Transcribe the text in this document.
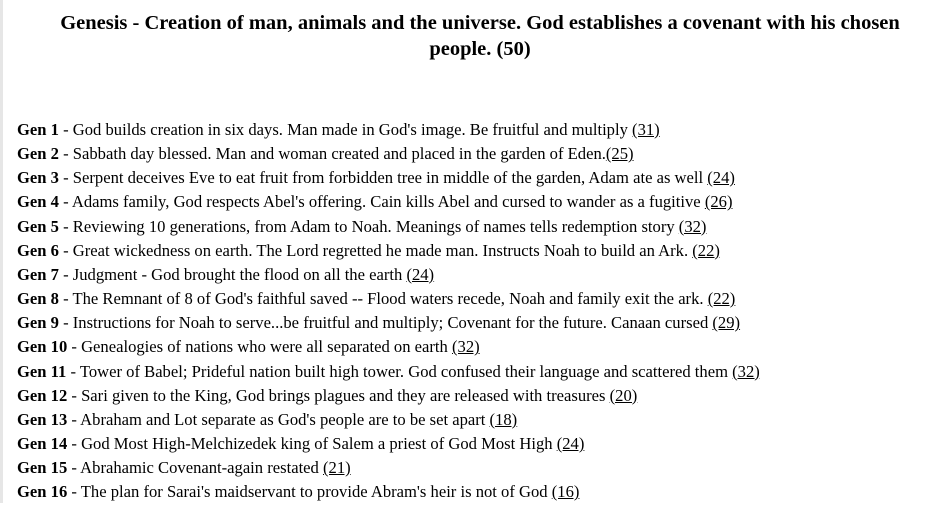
Genesis - Creation of man, animals and the universe. God establishes a covenant with his chosen people. (50)
Gen 1 - God builds creation in six days. Man made in God's image. Be fruitful and multiply (31)
Gen 2 - Sabbath day blessed. Man and woman created and placed in the garden of Eden.(25)
Gen 3 - Serpent deceives Eve to eat fruit from forbidden tree in middle of the garden, Adam ate as well (24)
Gen 4 - Adams family, God respects Abel's offering. Cain kills Abel and cursed to wander as a fugitive (26)
Gen 5 - Reviewing 10 generations, from Adam to Noah. Meanings of names tells redemption story (32)
Gen 6 - Great wickedness on earth. The Lord regretted he made man. Instructs Noah to build an Ark. (22)
Gen 7 - Judgment - God brought the flood on all the earth (24)
Gen 8 - The Remnant of 8 of God's faithful saved -- Flood waters recede, Noah and family exit the ark. (22)
Gen 9 - Instructions for Noah to serve...be fruitful and multiply; Covenant for the future. Canaan cursed (29)
Gen 10 - Genealogies of nations who were all separated on earth (32)
Gen 11 - Tower of Babel; Prideful nation built high tower. God confused their language and scattered them (32)
Gen 12 - Sari given to the King, God brings plagues and they are released with treasures (20)
Gen 13 - Abraham and Lot separate as God's people are to be set apart (18)
Gen 14 - God Most High-Melchizedek king of Salem a priest of God Most High (24)
Gen 15 - Abrahamic Covenant-again restated (21)
Gen 16 - The plan for Sarai's maidservant to provide Abram's heir is not of God (16)
